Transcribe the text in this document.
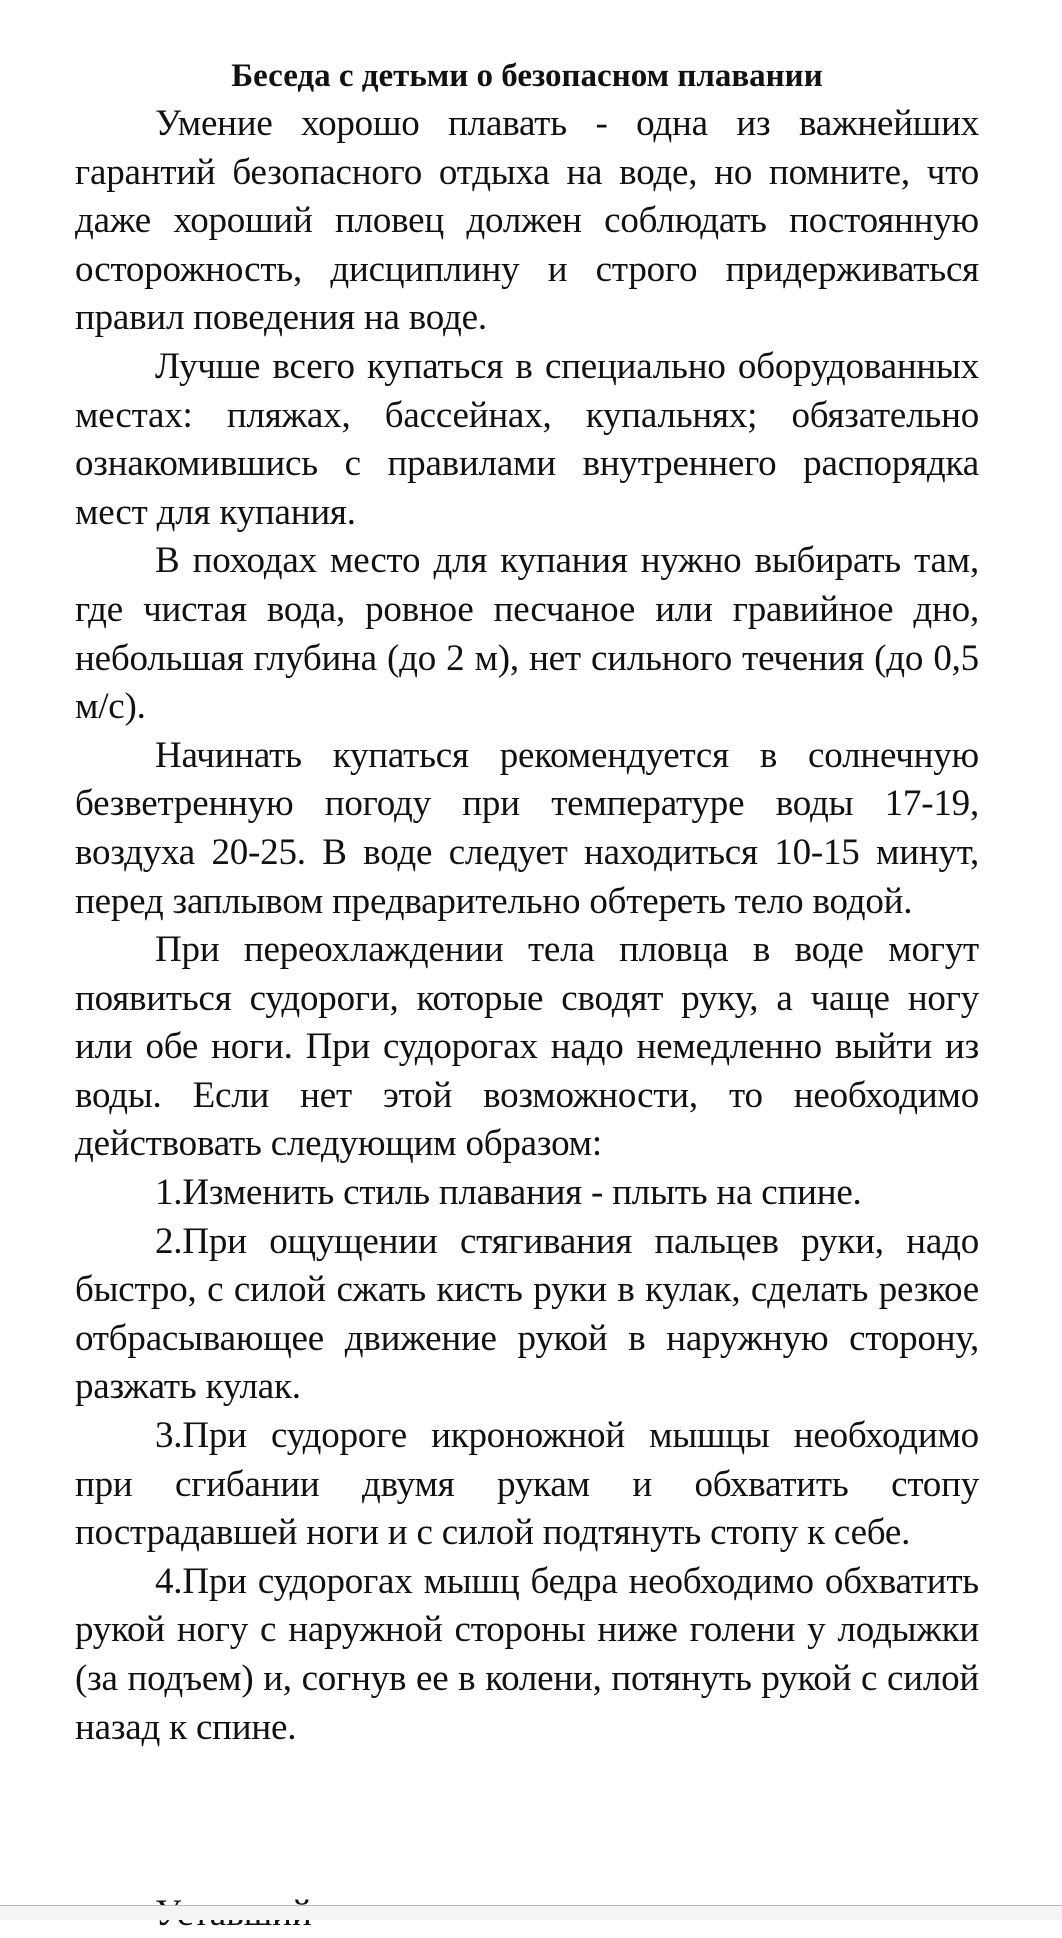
Беседа с детьми о безопасном плавании

Умение хорошо плавать - одна из важнейших гарантий безопасного отдыха на воде, но помните, что даже хороший пловец должен соблюдать постоянную осторожность, дисциплину и строго придерживаться правил поведения на воде.

Лучше всего купаться в специально оборудованных местах: пляжах, бассейнах, купальнях; обязательно ознакомившись с правилами внутреннего распорядка мест для купания.

В походах место для купания нужно выбирать там, где чистая вода, ровное песчаное или гравийное дно, небольшая глубина (до 2 м), нет сильного течения (до 0,5 м/с).

Начинать купаться рекомендуется в солнечную безветренную погоду при температуре воды 17-19, воздуха 20-25. В воде следует находиться 10-15 минут, перед заплывом предварительно обтереть тело водой.

При переохлаждении тела пловца в воде могут появиться судороги, которые сводят руку, а чаще ногу или обе ноги. При судорогах надо немедленно выйти из воды. Если нет этой возможности, то необходимо действовать следующим образом:

1.Изменить стиль плавания - плыть на спине.

2.При ощущении стягивания пальцев руки, надо быстро, с силой сжать кисть руки в кулак, сделать резкое отбрасывающее движение рукой в наружную сторону, разжать кулак.

3.При судороге икроножной мышцы необходимо при сгибании двумя рукам и обхватить стопу пострадавшей ноги и с силой подтянуть стопу к себе.

4.При судорогах мышц бедра необходимо обхватить рукой ногу с наружной стороны ниже голени у лодыжки (за подъем) и, согнув ее в колени, потянуть рукой с силой назад к спине.
